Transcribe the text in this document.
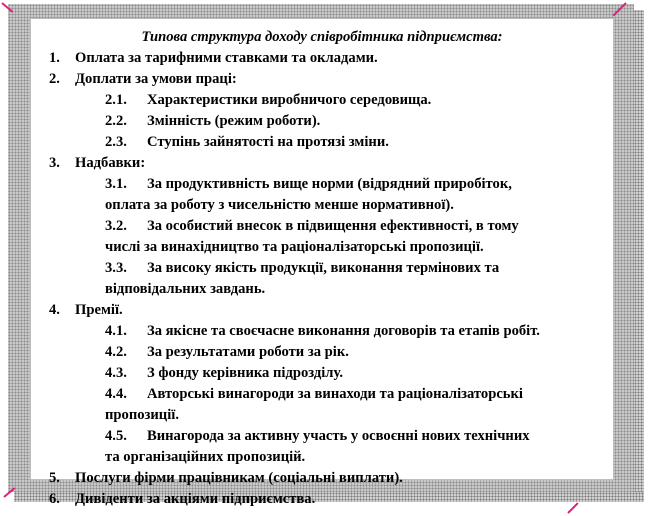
Типова структура доходу співробітника підприємства:
1.	Оплата за тарифними ставками та окладами.
2.	Доплати за умови праці:
2.1.	Характеристики виробничого середовища.
2.2.	Змінність (режим роботи).
2.3.	Ступінь зайнятості на протязі зміни.
3.	Надбавки:
3.1.	За продуктивність вище норми (відрядний приробіток,
оплата за роботу з чисельністю менше нормативної).
3.2.	За особистий внесок в підвищення ефективності, в тому
числі за винахідництво та раціоналізаторські пропозиції.
3.3.	За високу якість продукції, виконання термінових та
відповідальних завдань.
4.	Премії.
4.1.	За якісне та своєчасне виконання договорів та етапів робіт.
4.2.	За результатами роботи за рік.
4.3.	З фонду керівника підрозділу.
4.4.	Авторські винагороди за винаходи та раціоналізаторські
пропозиції.
4.5.	Винагорода за активну участь у освоєнні нових технічних
та організаційних пропозицій.
5.	Послуги фірми працівникам (соціальні виплати).
6.	Дивіденти за акціями підприємства.
